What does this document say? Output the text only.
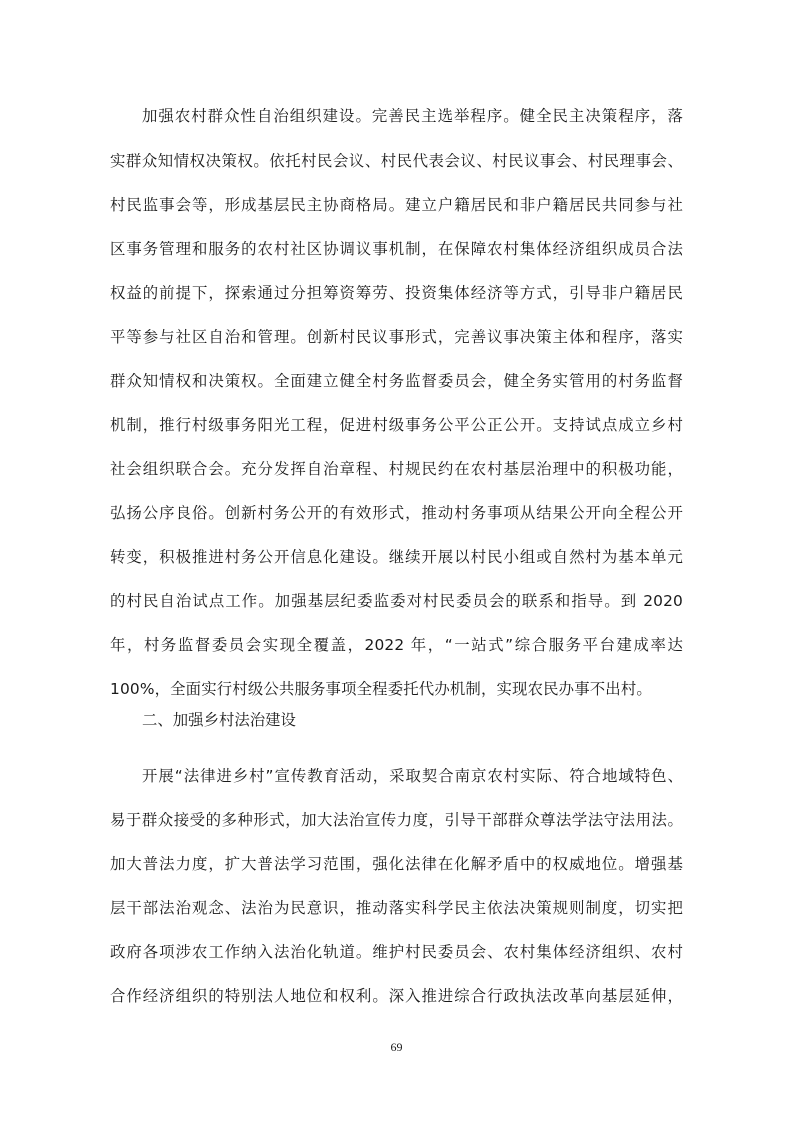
加强农村群众性自治组织建设。完善民主选举程序。健全民主决策程序，落
实群众知情权决策权。依托村民会议、村民代表会议、村民议事会、村民理事会、
村民监事会等，形成基层民主协商格局。建立户籍居民和非户籍居民共同参与社
区事务管理和服务的农村社区协调议事机制，在保障农村集体经济组织成员合法
权益的前提下，探索通过分担筹资筹劳、投资集体经济等方式，引导非户籍居民
平等参与社区自治和管理。创新村民议事形式，完善议事决策主体和程序，落实
群众知情权和决策权。全面建立健全村务监督委员会，健全务实管用的村务监督
机制，推行村级事务阳光工程，促进村级事务公平公正公开。支持试点成立乡村
社会组织联合会。充分发挥自治章程、村规民约在农村基层治理中的积极功能，
弘扬公序良俗。创新村务公开的有效形式，推动村务事项从结果公开向全程公开
转变，积极推进村务公开信息化建设。继续开展以村民小组或自然村为基本单元
的村民自治试点工作。加强基层纪委监委对村民委员会的联系和指导。到 2020
年，村务监督委员会实现全覆盖，2022 年，“一站式”综合服务平台建成率达
100%，全面实行村级公共服务事项全程委托代办机制，实现农民办事不出村。
二、加强乡村法治建设
开展“法律进乡村”宣传教育活动，采取契合南京农村实际、符合地域特色、
易于群众接受的多种形式，加大法治宣传力度，引导干部群众尊法学法守法用法。
加大普法力度，扩大普法学习范围，强化法律在化解矛盾中的权威地位。增强基
层干部法治观念、法治为民意识，推动落实科学民主依法决策规则制度，切实把
政府各项涉农工作纳入法治化轨道。维护村民委员会、农村集体经济组织、农村
合作经济组织的特别法人地位和权利。深入推进综合行政执法改革向基层延伸，
69
